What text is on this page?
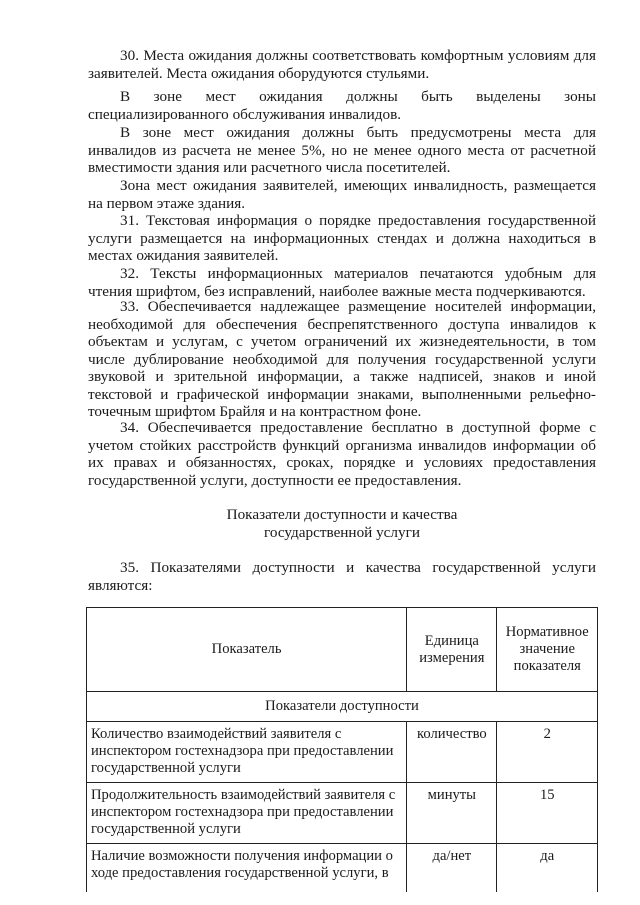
30. Места ожидания должны соответствовать комфортным условиям для заявителей. Места ожидания оборудуются стульями.

В зоне мест ожидания должны быть выделены зоны специализированного обслуживания инвалидов.

В зоне мест ожидания должны быть предусмотрены места для инвалидов из расчета не менее 5%, но не менее одного места от расчетной вместимости здания или расчетного числа посетителей.

Зона мест ожидания заявителей, имеющих инвалидность, размещается на первом этаже здания.

31. Текстовая информация о порядке предоставления государственной услуги размещается на информационных стендах и должна находиться в местах ожидания заявителей.

32. Тексты информационных материалов печатаются удобным для чтения шрифтом, без исправлений, наиболее важные места подчеркиваются.

33. Обеспечивается надлежащее размещение носителей информации, необходимой для обеспечения беспрепятственного доступа инвалидов к объектам и услугам, с учетом ограничений их жизнедеятельности, в том числе дублирование необходимой для получения государственной услуги звуковой и зрительной информации, а также надписей, знаков и иной текстовой и графической информации знаками, выполненными рельефно-точечным шрифтом Брайля и на контрастном фоне.

34. Обеспечивается предоставление бесплатно в доступной форме с учетом стойких расстройств функций организма инвалидов информации об их правах и обязанностях, сроках, порядке и условиях предоставления государственной услуги, доступности ее предоставления.

Показатели доступности и качества

государственной услуги

35. Показателями доступности и качества государственной услуги являются:

Показатель	Единица измерения	Нормативное значение показателя
Показатели доступности		
Количество взаимодействий заявителя с инспектором гостехнадзора при предоставлении государственной услуги	количество	2
Продолжительность взаимодействий заявителя с инспектором гостехнадзора при предоставлении государственной услуги	минуты	15
Наличие возможности получения информации о ходе предоставления государственной услуги, в	да/нет	да
